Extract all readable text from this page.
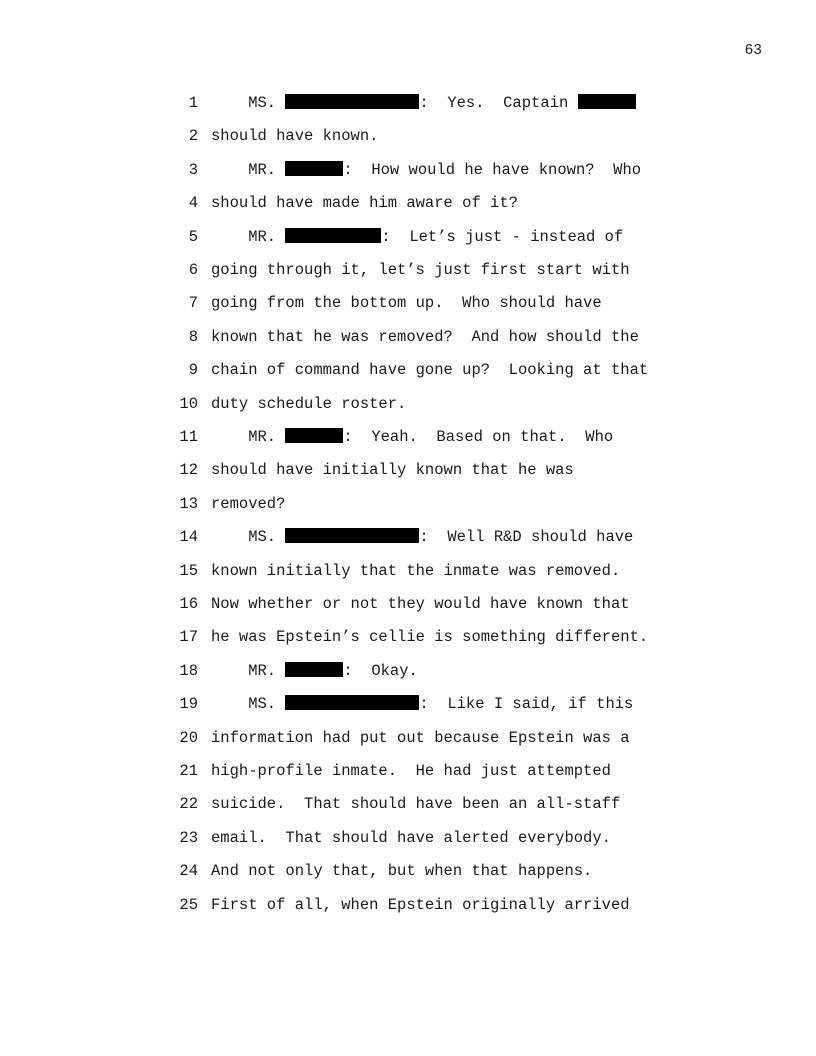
63
1 MS.	:  Yes.  Captain
2 should have known.
3 MR.	:  How would he have known?  Who
4 should have made him aware of it?
5 MR.	:  Let’s just - instead of
6 going through it, let’s just first start with
7 going from the bottom up.  Who should have
8 known that he was removed?  And how should the
9 chain of command have gone up?  Looking at that
10 duty schedule roster.
11 MR.	:  Yeah.  Based on that.  Who
12 should have initially known that he was
13 removed?
14 MS.	:  Well R&D should have
15 known initially that the inmate was removed.
16 Now whether or not they would have known that
17 he was Epstein’s cellie is something different.
18 MR.	:  Okay.
19 MS.	:  Like I said, if this
20 information had put out because Epstein was a
21 high-profile inmate.  He had just attempted
22 suicide.  That should have been an all-staff
23 email.  That should have alerted everybody.
24 And not only that, but when that happens.
25 First of all, when Epstein originally arrived
